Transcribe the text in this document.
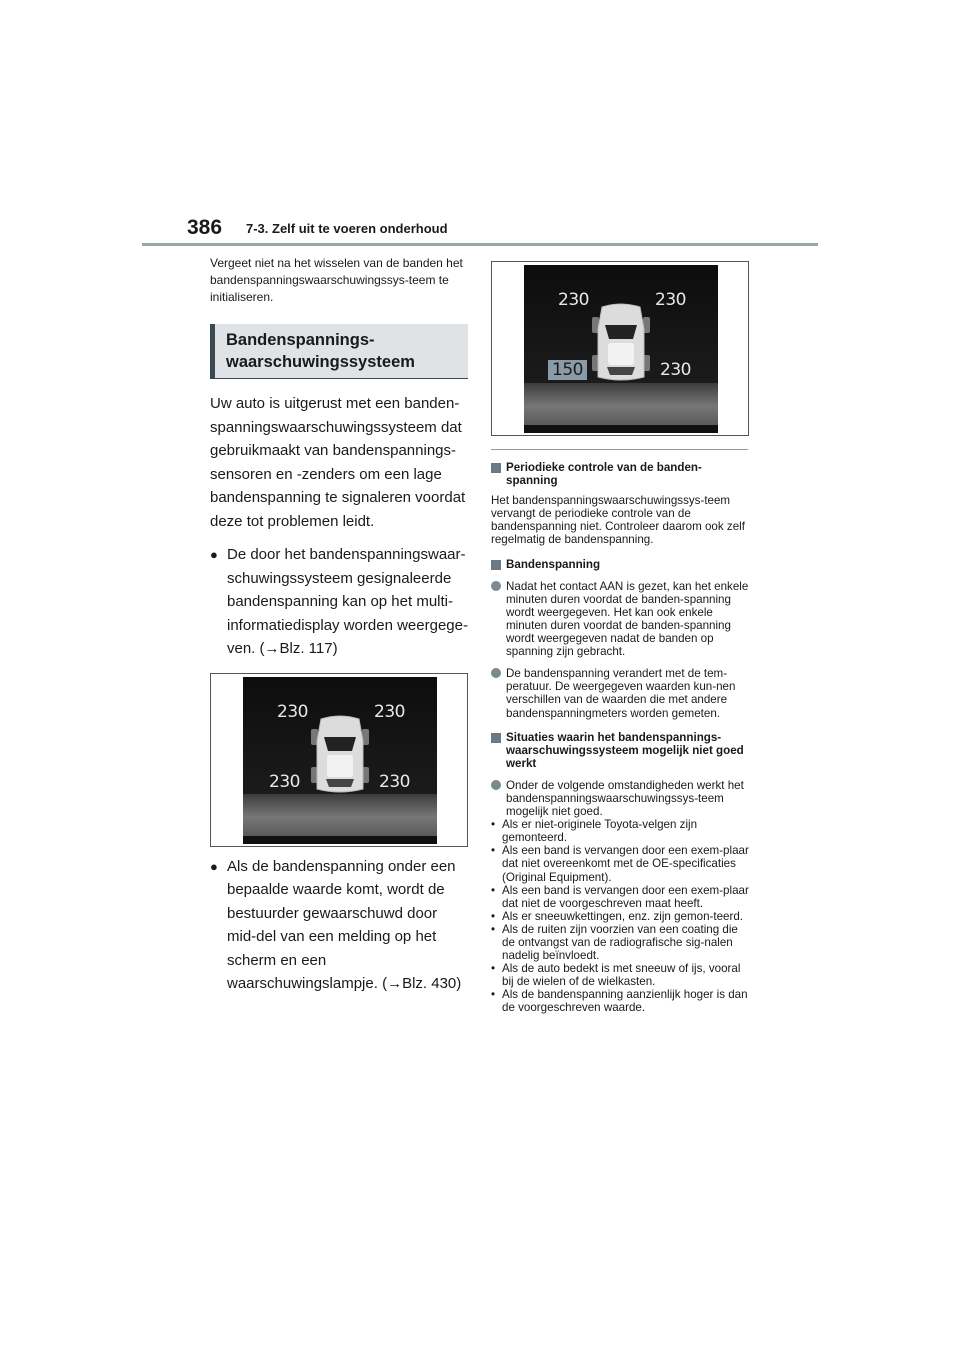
386 7-3. Zelf uit te voeren onderhoud

Vergeet niet na het wisselen van de banden het bandenspanningswaarschuwingssys-teem te initialiseren.

Bandenspannings-
waarschuwingssysteem

Uw auto is uitgerust met een banden-spanningswaarschuwingssysteem dat gebruikmaakt van bandenspannings-sensoren en -zenders om een lage bandenspanning te signaleren voordat deze tot problemen leidt.

● De door het bandenspanningswaar-schuwingssysteem gesignaleerde bandenspanning kan op het multi-informatiedisplay worden weergege-ven. (→Blz. 117)
230	230
230	230
● Als de bandenspanning onder een bepaalde waarde komt, wordt de bestuurder gewaarschuwd door mid-del van een melding op het scherm en een waarschuwingslampje. (→Blz. 430)
230	230
150	230
Periodieke controle van de banden-spanning

Het bandenspanningswaarschuwingssys-teem vervangt de periodieke controle van de bandenspanning niet. Controleer daarom ook zelf regelmatig de bandenspanning.

Bandenspanning
Nadat het contact AAN is gezet, kan het enkele minuten duren voordat de banden-spanning wordt weergegeven. Het kan ook enkele minuten duren voordat de banden-spanning wordt weergegeven nadat de banden op spanning zijn gebracht.
De bandenspanning verandert met de tem-peratuur. De weergegeven waarden kun-nen verschillen van de waarden die met andere bandenspanningmeters worden gemeten.
Situaties waarin het bandenspannings-waarschuwingssysteem mogelijk niet goed werkt
Onder de volgende omstandigheden werkt het bandenspanningswaarschuwingssys-teem mogelijk niet goed.
• Als er niet-originele Toyota-velgen zijn gemonteerd.
• Als een band is vervangen door een exem-plaar dat niet overeenkomt met de OE-specificaties (Original Equipment).
• Als een band is vervangen door een exem-plaar dat niet de voorgeschreven maat heeft.
• Als er sneeuwkettingen, enz. zijn gemon-teerd.
• Als de ruiten zijn voorzien van een coating die de ontvangst van de radiografische sig-nalen nadelig beïnvloedt.
• Als de auto bedekt is met sneeuw of ijs, vooral bij de wielen of de wielkasten.
• Als de bandenspanning aanzienlijk hoger is dan de voorgeschreven waarde.
